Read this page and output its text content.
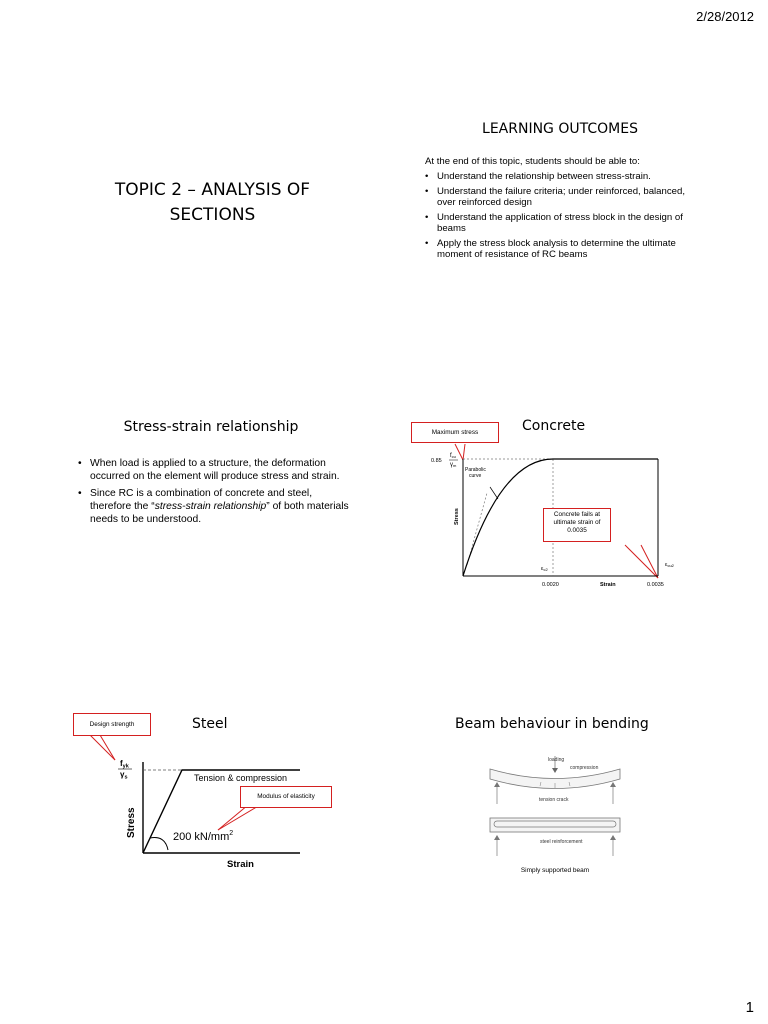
2/28/2012
1
TOPIC 2 – ANALYSIS OF
SECTIONS
LEARNING OUTCOMES
At the end of this topic, students should be able to:
• Understand the relationship between stress-strain.
• Understand the failure criteria; under reinforced, balanced, over reinforced design
• Understand the application of stress block in the design of beams
• Apply the stress block analysis to determine the ultimate moment of resistance of RC beams
Stress-strain relationship
• When load is applied to a structure, the deformation occurred on the element will produce stress and strain.
• Since RC is a combination of concrete and steel, therefore the “stress-strain relationship” of both materials needs to be understood.
Concrete
0.85
fcu
γm
Parabolic curve
Stress
Strain
εc2
εcu2
0.0020	0.0035
Maximum stress
Concrete fails at ultimate strain of 0.0035
Steel
fyk
γs	Tension & compression
Stress
Strain
200 $kN/mm^2$
Design strength
Modulus of elasticity
Beam behaviour in bending
loading
compression
tension crack
steel reinforcement
Simply supported beam
